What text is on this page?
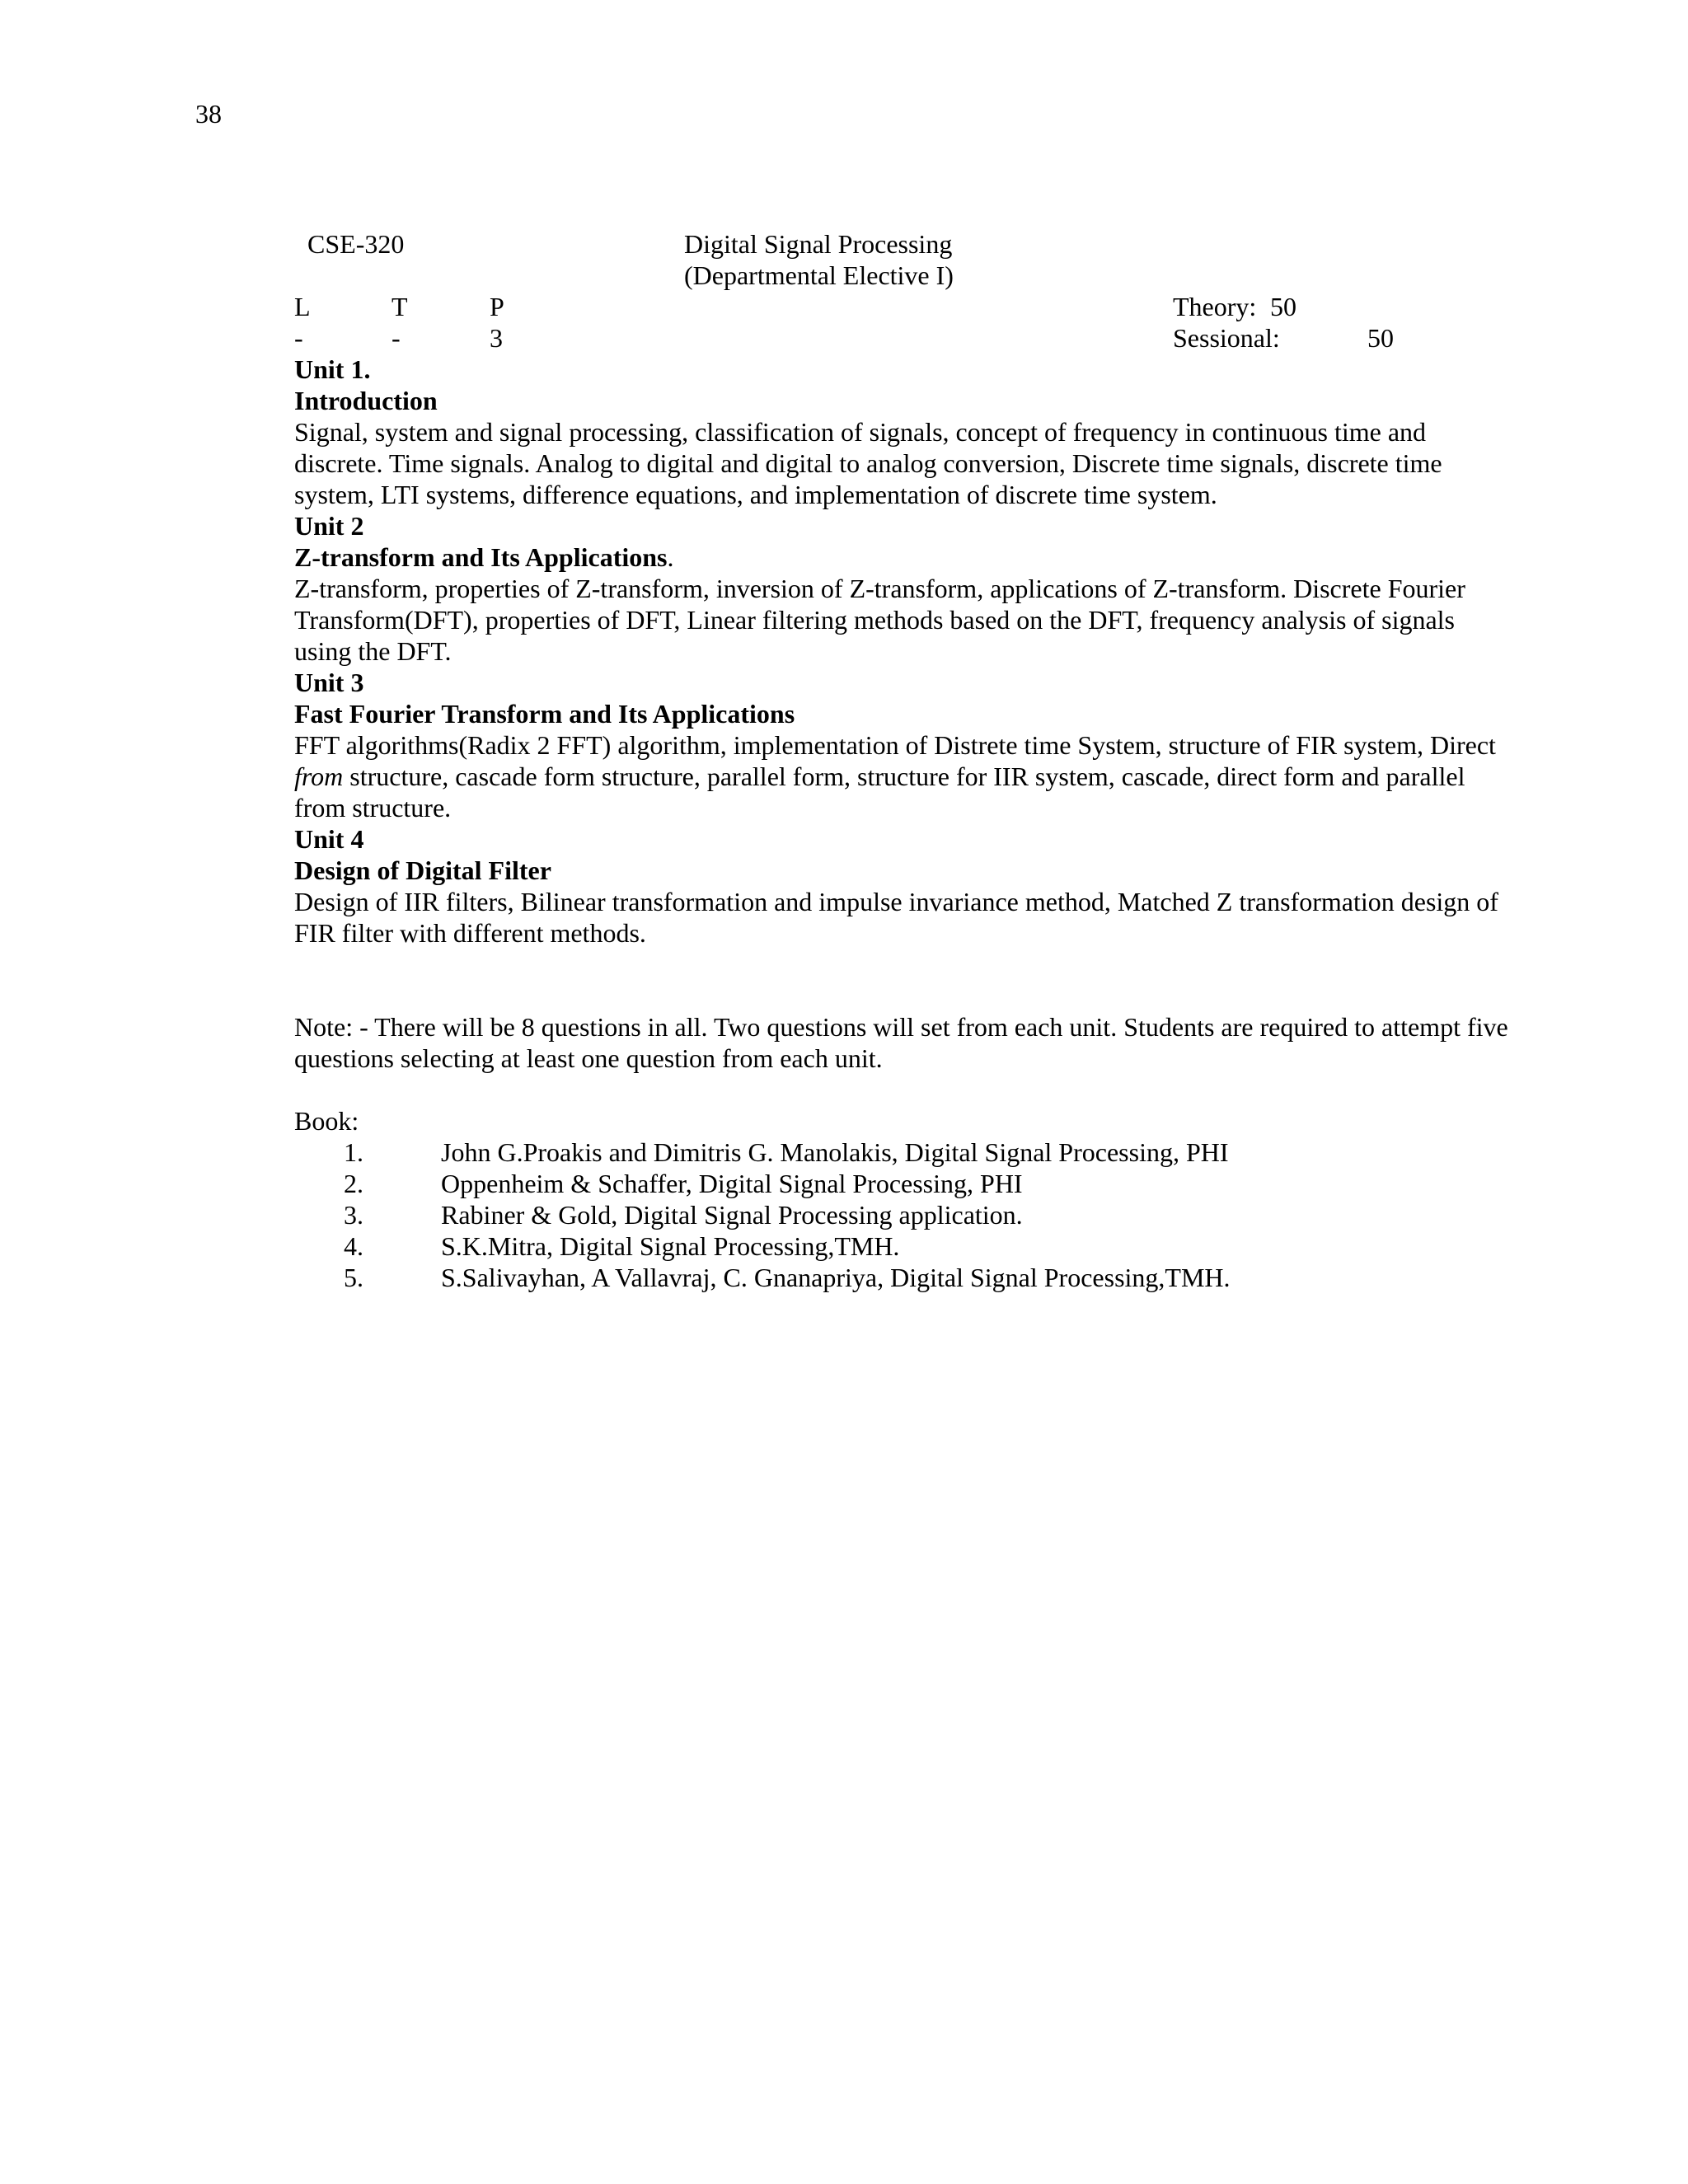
38
CSE-320	Digital Signal Processing
(Departmental Elective I)
L	T	P	Theory: 50
-	-	3	Sessional:	50

Unit 1.

Introduction

Signal, system and signal processing, classification of signals, concept of frequency in continuous time and discrete. Time signals. Analog to digital and digital to analog conversion, Discrete time signals, discrete time system, LTI systems, difference equations, and implementation of discrete time system.

Unit 2

Z-transform and Its Applications.

Z-transform, properties of Z-transform, inversion of Z-transform, applications of Z-transform. Discrete Fourier Transform(DFT), properties of DFT, Linear filtering methods based on the DFT, frequency analysis of signals using the DFT.

Unit 3

Fast Fourier Transform and Its Applications

FFT algorithms(Radix 2 FFT) algorithm, implementation of Distrete time System, structure of FIR system, Direct from structure, cascade form structure, parallel form, structure for IIR system, cascade, direct form and parallel from structure.

Unit 4

Design of Digital Filter

Design of IIR filters, Bilinear transformation and impulse invariance method, Matched Z transformation design of FIR filter with different methods.

Note: - There will be 8 questions in all. Two questions will set from each unit. Students are required to attempt five questions selecting at least one question from each unit.

Book:

1.	John G.Proakis and Dimitris G. Manolakis, Digital Signal Processing, PHI
2.	Oppenheim & Schaffer, Digital Signal Processing, PHI
3.	Rabiner & Gold, Digital Signal Processing application.
4.	S.K.Mitra, Digital Signal Processing,TMH.
5.	S.Salivayhan, A Vallavraj, C. Gnanapriya, Digital Signal Processing,TMH.
